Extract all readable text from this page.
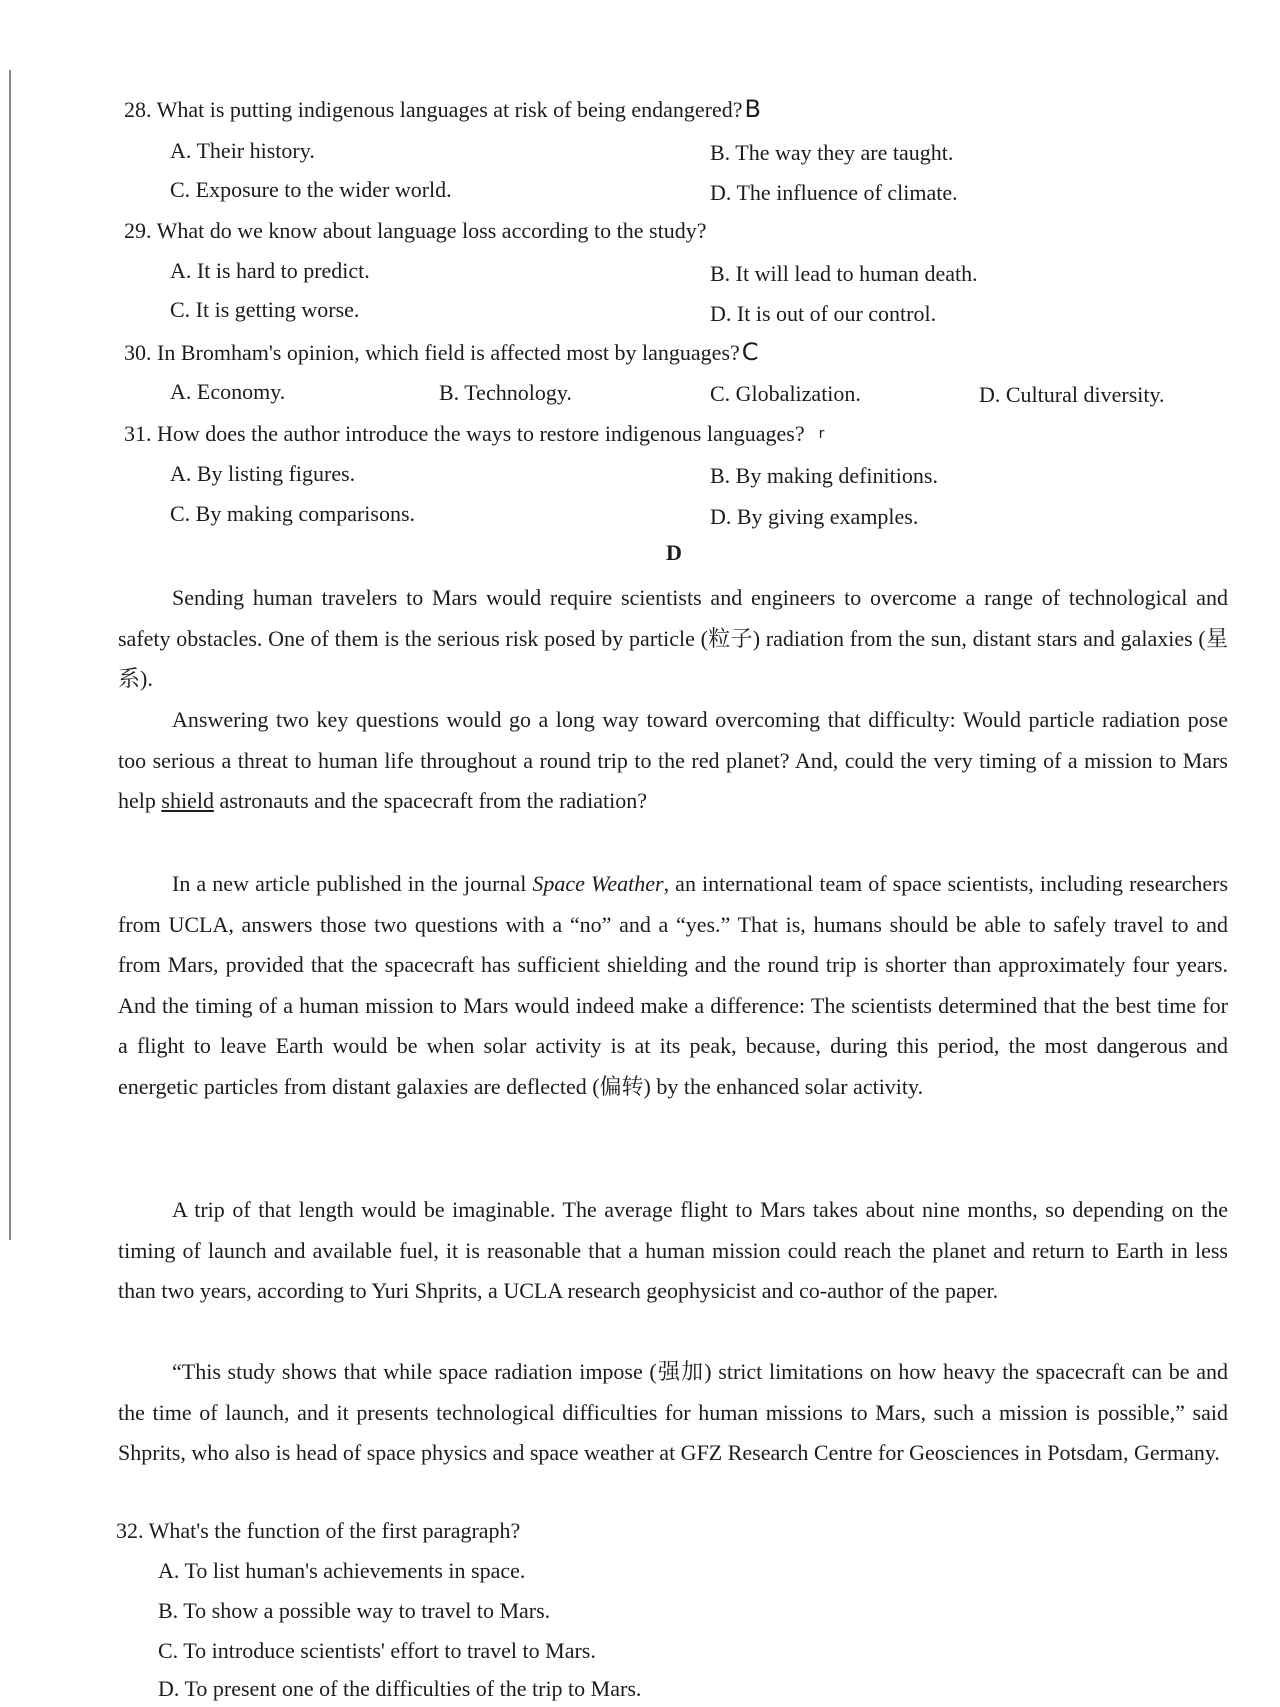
28. What is putting indigenous languages at risk of being endangered?B
A. Their history.	B. The way they are taught.
C. Exposure to the wider world.	D. The influence of climate.
29. What do we know about language loss according to the study?
A. It is hard to predict.	B. It will lead to human death.
C. It is getting worse.	D. It is out of our control.
30. In Bromham's opinion, which field is affected most by languages?C
A. Economy.	B. Technology.	C. Globalization.	D. Cultural diversity.
31. How does the author introduce the ways to restore indigenous languages? $^r$
A. By listing figures.	B. By making definitions.
C. By making comparisons.	D. By giving examples.
D
Sending human travelers to Mars would require scientists and engineers to overcome a range of technological and safety obstacles. One of them is the serious risk posed by particle (粒子) radiation from the sun, distant stars and galaxies (星系).
Answering two key questions would go a long way toward overcoming that difficulty: Would particle radiation pose too serious a threat to human life throughout a round trip to the red planet? And, could the very timing of a mission to Mars help shield astronauts and the spacecraft from the radiation?
In a new article published in the journal Space Weather, an international team of space scientists, including researchers from UCLA, answers those two questions with a “no” and a “yes.” That is, humans should be able to safely travel to and from Mars, provided that the spacecraft has sufficient shielding and the round trip is shorter than approximately four years. And the timing of a human mission to Mars would indeed make a difference: The scientists determined that the best time for a flight to leave Earth would be when solar activity is at its peak, because, during this period, the most dangerous and energetic particles from distant galaxies are deflected (偏转) by the enhanced solar activity.
A trip of that length would be imaginable. The average flight to Mars takes about nine months, so depending on the timing of launch and available fuel, it is reasonable that a human mission could reach the planet and return to Earth in less than two years, according to Yuri Shprits, a UCLA research geophysicist and co-author of the paper.
“This study shows that while space radiation impose (强加) strict limitations on how heavy the spacecraft can be and the time of launch, and it presents technological difficulties for human missions to Mars, such a mission is possible,” said Shprits, who also is head of space physics and space weather at GFZ Research Centre for Geosciences in Potsdam, Germany.
32. What's the function of the first paragraph?
A. To list human's achievements in space.
B. To show a possible way to travel to Mars.
C. To introduce scientists' effort to travel to Mars.
D. To present one of the difficulties of the trip to Mars.
